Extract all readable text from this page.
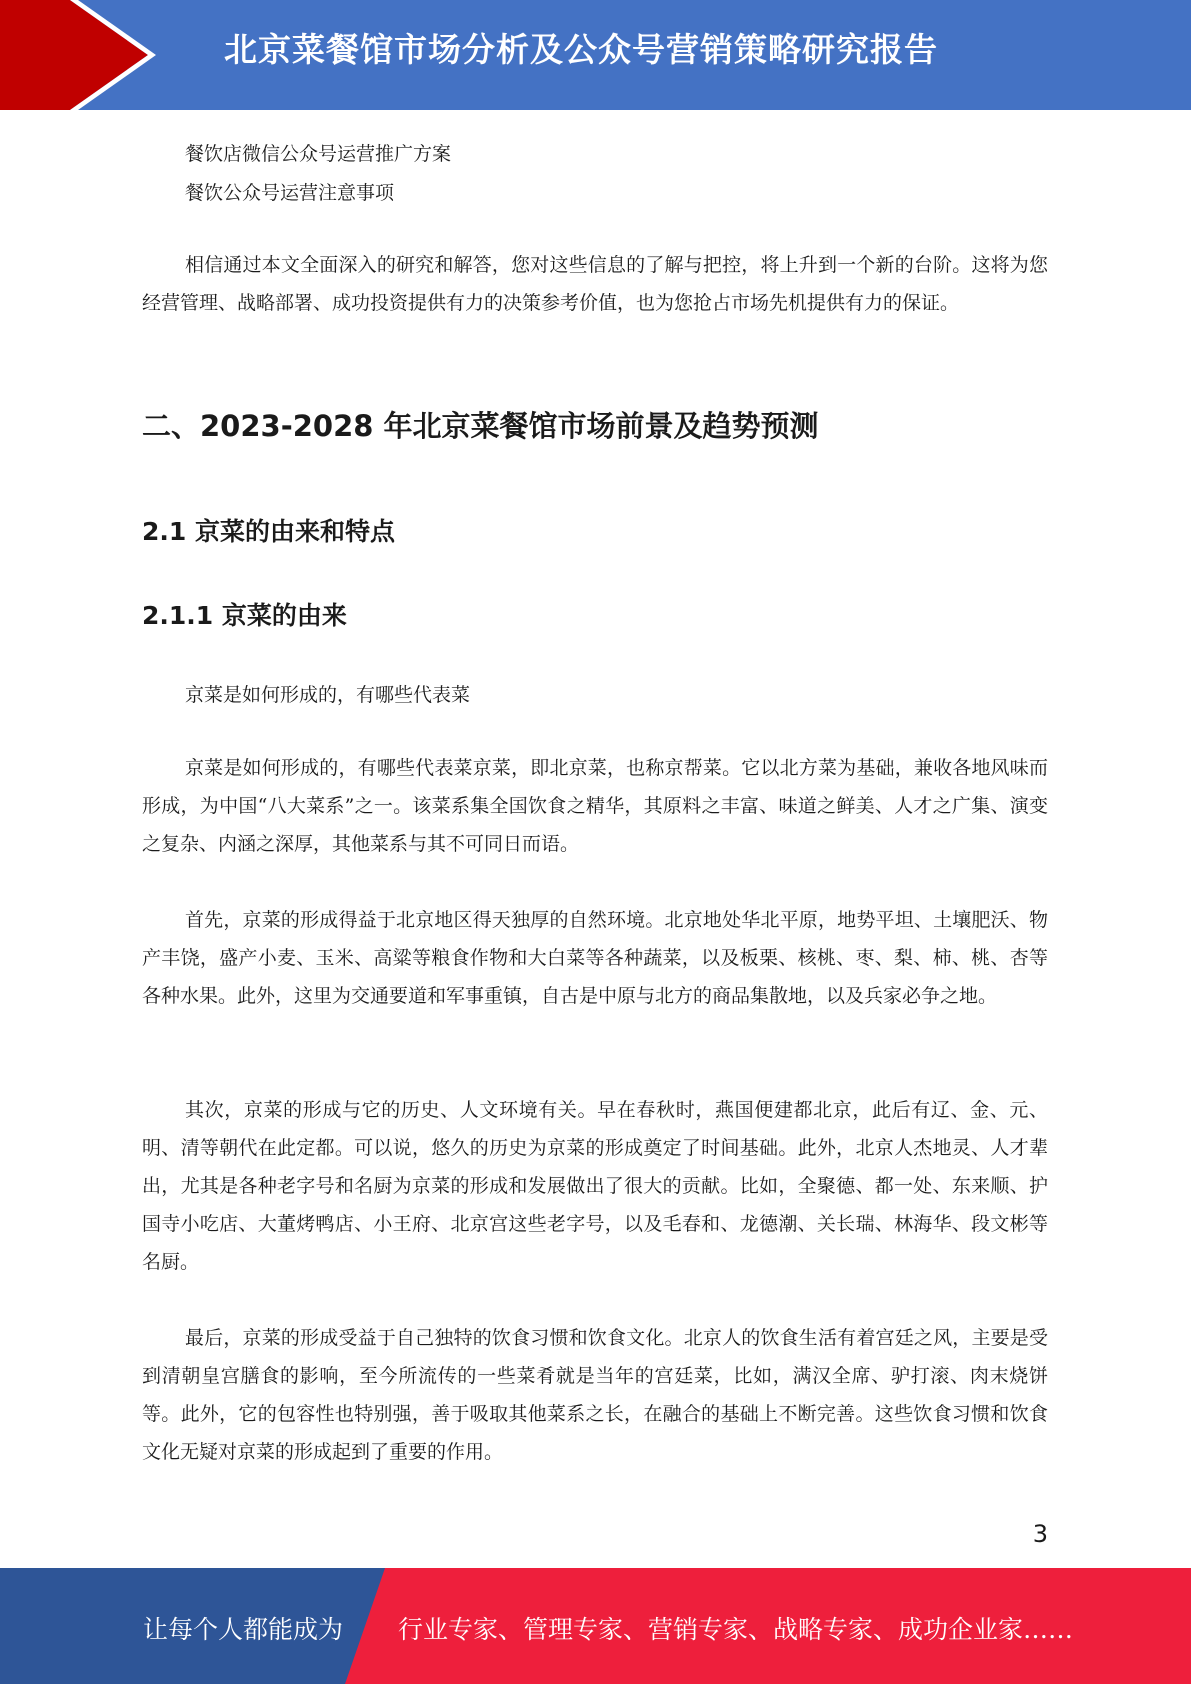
北京菜餐馆市场分析及公众号营销策略研究报告
餐饮店微信公众号运营推广方案
餐饮公众号运营注意事项
相信通过本文全面深入的研究和解答，您对这些信息的了解与把控，将上升到一个新的台阶。这将为您经营管理、战略部署、成功投资提供有力的决策参考价值，也为您抢占市场先机提供有力的保证。
二、2023-2028 年北京菜餐馆市场前景及趋势预测
2.1 京菜的由来和特点
2.1.1 京菜的由来
京菜是如何形成的，有哪些代表菜
京菜是如何形成的，有哪些代表菜京菜，即北京菜，也称京帮菜。它以北方菜为基础，兼收各地风味而形成，为中国“八大菜系”之一。该菜系集全国饮食之精华，其原料之丰富、味道之鲜美、人才之广集、演变之复杂、内涵之深厚，其他菜系与其不可同日而语。
首先，京菜的形成得益于北京地区得天独厚的自然环境。北京地处华北平原，地势平坦、土壤肥沃、物产丰饶，盛产小麦、玉米、高粱等粮食作物和大白菜等各种蔬菜，以及板栗、核桃、枣、梨、柿、桃、杏等各种水果。此外，这里为交通要道和军事重镇，自古是中原与北方的商品集散地，以及兵家必争之地。
其次，京菜的形成与它的历史、人文环境有关。早在春秋时，燕国便建都北京，此后有辽、金、元、明、清等朝代在此定都。可以说，悠久的历史为京菜的形成奠定了时间基础。此外，北京人杰地灵、人才辈出，尤其是各种老字号和名厨为京菜的形成和发展做出了很大的贡献。比如，全聚德、都一处、东来顺、护国寺小吃店、大董烤鸭店、小王府、北京宫这些老字号，以及毛春和、龙德潮、关长瑞、林海华、段文彬等名厨。
最后，京菜的形成受益于自己独特的饮食习惯和饮食文化。北京人的饮食生活有着宫廷之风，主要是受到清朝皇宫膳食的影响，至今所流传的一些菜肴就是当年的宫廷菜，比如，满汉全席、驴打滚、肉末烧饼等。此外，它的包容性也特别强，善于吸取其他菜系之长，在融合的基础上不断完善。这些饮食习惯和饮食文化无疑对京菜的形成起到了重要的作用。
3
让每个人都能成为 行业专家、管理专家、营销专家、战略专家、成功企业家……
